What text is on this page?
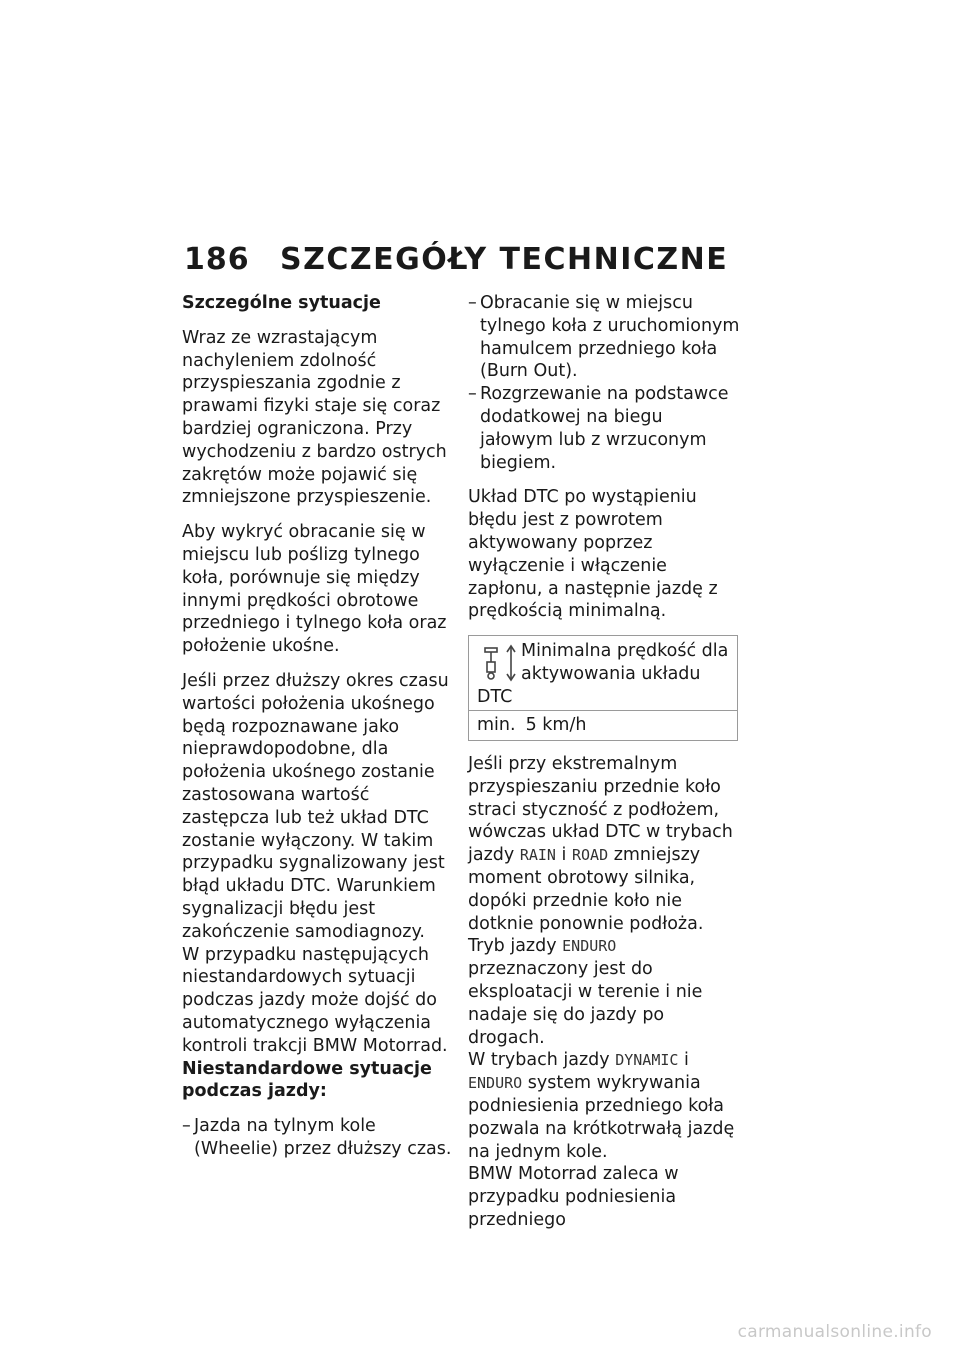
186	SZCZEGÓŁY TECHNICZNE

Szczególne sytuacje

Wraz ze wzrastającym nachyleniem zdolność przyspieszania zgodnie z prawami fizyki staje się coraz bardziej ograniczona. Przy wychodzeniu z bardzo ostrych zakrętów może pojawić się zmniejszone przyspieszenie.

Aby wykryć obracanie się w miejscu lub poślizg tylnego koła, porównuje się między innymi prędkości obrotowe przedniego i tylnego koła oraz położenie ukośne.

Jeśli przez dłuższy okres czasu wartości położenia ukośnego będą rozpoznawane jako nieprawdopodobne, dla położenia ukośnego zostanie zastosowana wartość zastępcza lub też układ DTC zostanie wyłączony. W takim przypadku sygnalizowany jest błąd układu DTC. Warunkiem sygnalizacji błędu jest zakończenie samodiagnozy.

W przypadku następujących niestandardowych sytuacji podczas jazdy może dojść do automatycznego wyłączenia kontroli trakcji BMW Motorrad.

Niestandardowe sytuacje podczas jazdy:

– Jazda na tylnym kole (Wheelie) przez dłuższy czas.
– Obracanie się w miejscu tylnego koła z uruchomionym hamulcem przedniego koła (Burn Out).
– Rozgrzewanie na podstawce dodatkowej na biegu jałowym lub z wrzuconym biegiem.

Układ DTC po wystąpieniu błędu jest z powrotem aktywowany poprzez wyłączenie i włączenie zapłonu, a następnie jazdę z prędkością minimalną.

Minimalna prędkość dla aktywowania układu
DTC
min. 5 km/h

Jeśli przy ekstremalnym przyspieszaniu przednie koło straci styczność z podłożem, wówczas układ DTC w trybach jazdy RAIN i ROAD zmniejszy moment obrotowy silnika, dopóki przednie koło nie dotknie ponownie podłoża.

Tryb jazdy ENDURO przeznaczony jest do eksploatacji w terenie i nie nadaje się do jazdy po drogach.

W trybach jazdy DYNAMIC i ENDURO system wykrywania podniesienia przedniego koła pozwala na krótkotrwałą jazdę na jednym kole.

BMW Motorrad zaleca w przypadku podniesienia przedniego

carmanualsonline.info
